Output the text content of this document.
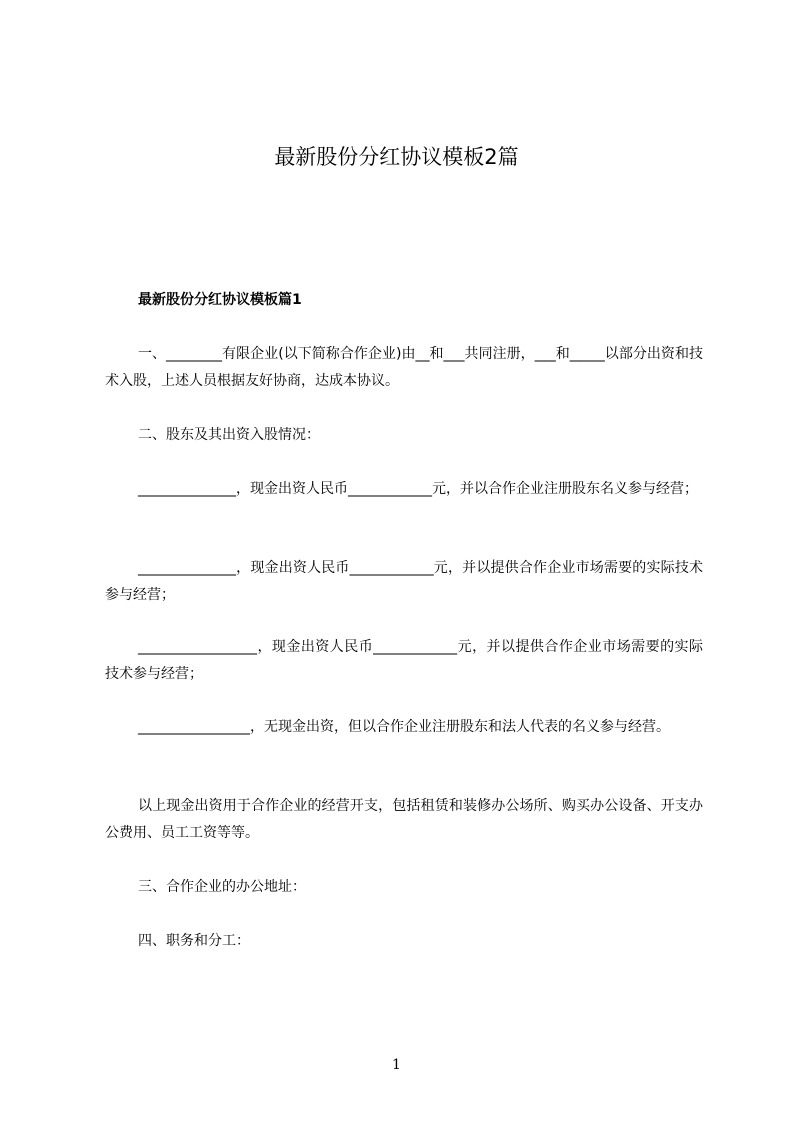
最新股份分红协议模板2篇
最新股份分红协议模板篇1

一、________有限企业(以下简称合作企业)由__和___共同注册，___和_____以部分出资和技术入股，上述人员根据友好协商，达成本协议。

二、股东及其出资入股情况：

______________，现金出资人民币____________元，并以合作企业注册股东名义参与经营；

______________，现金出资人民币____________元，并以提供合作企业市场需要的实际技术参与经营；

_________________，现金出资人民币____________元，并以提供合作企业市场需要的实际技术参与经营；

________________，无现金出资，但以合作企业注册股东和法人代表的名义参与经营。

以上现金出资用于合作企业的经营开支，包括租赁和装修办公场所、购买办公设备、开支办公费用、员工工资等等。

三、合作企业的办公地址：

四、职务和分工：

1
